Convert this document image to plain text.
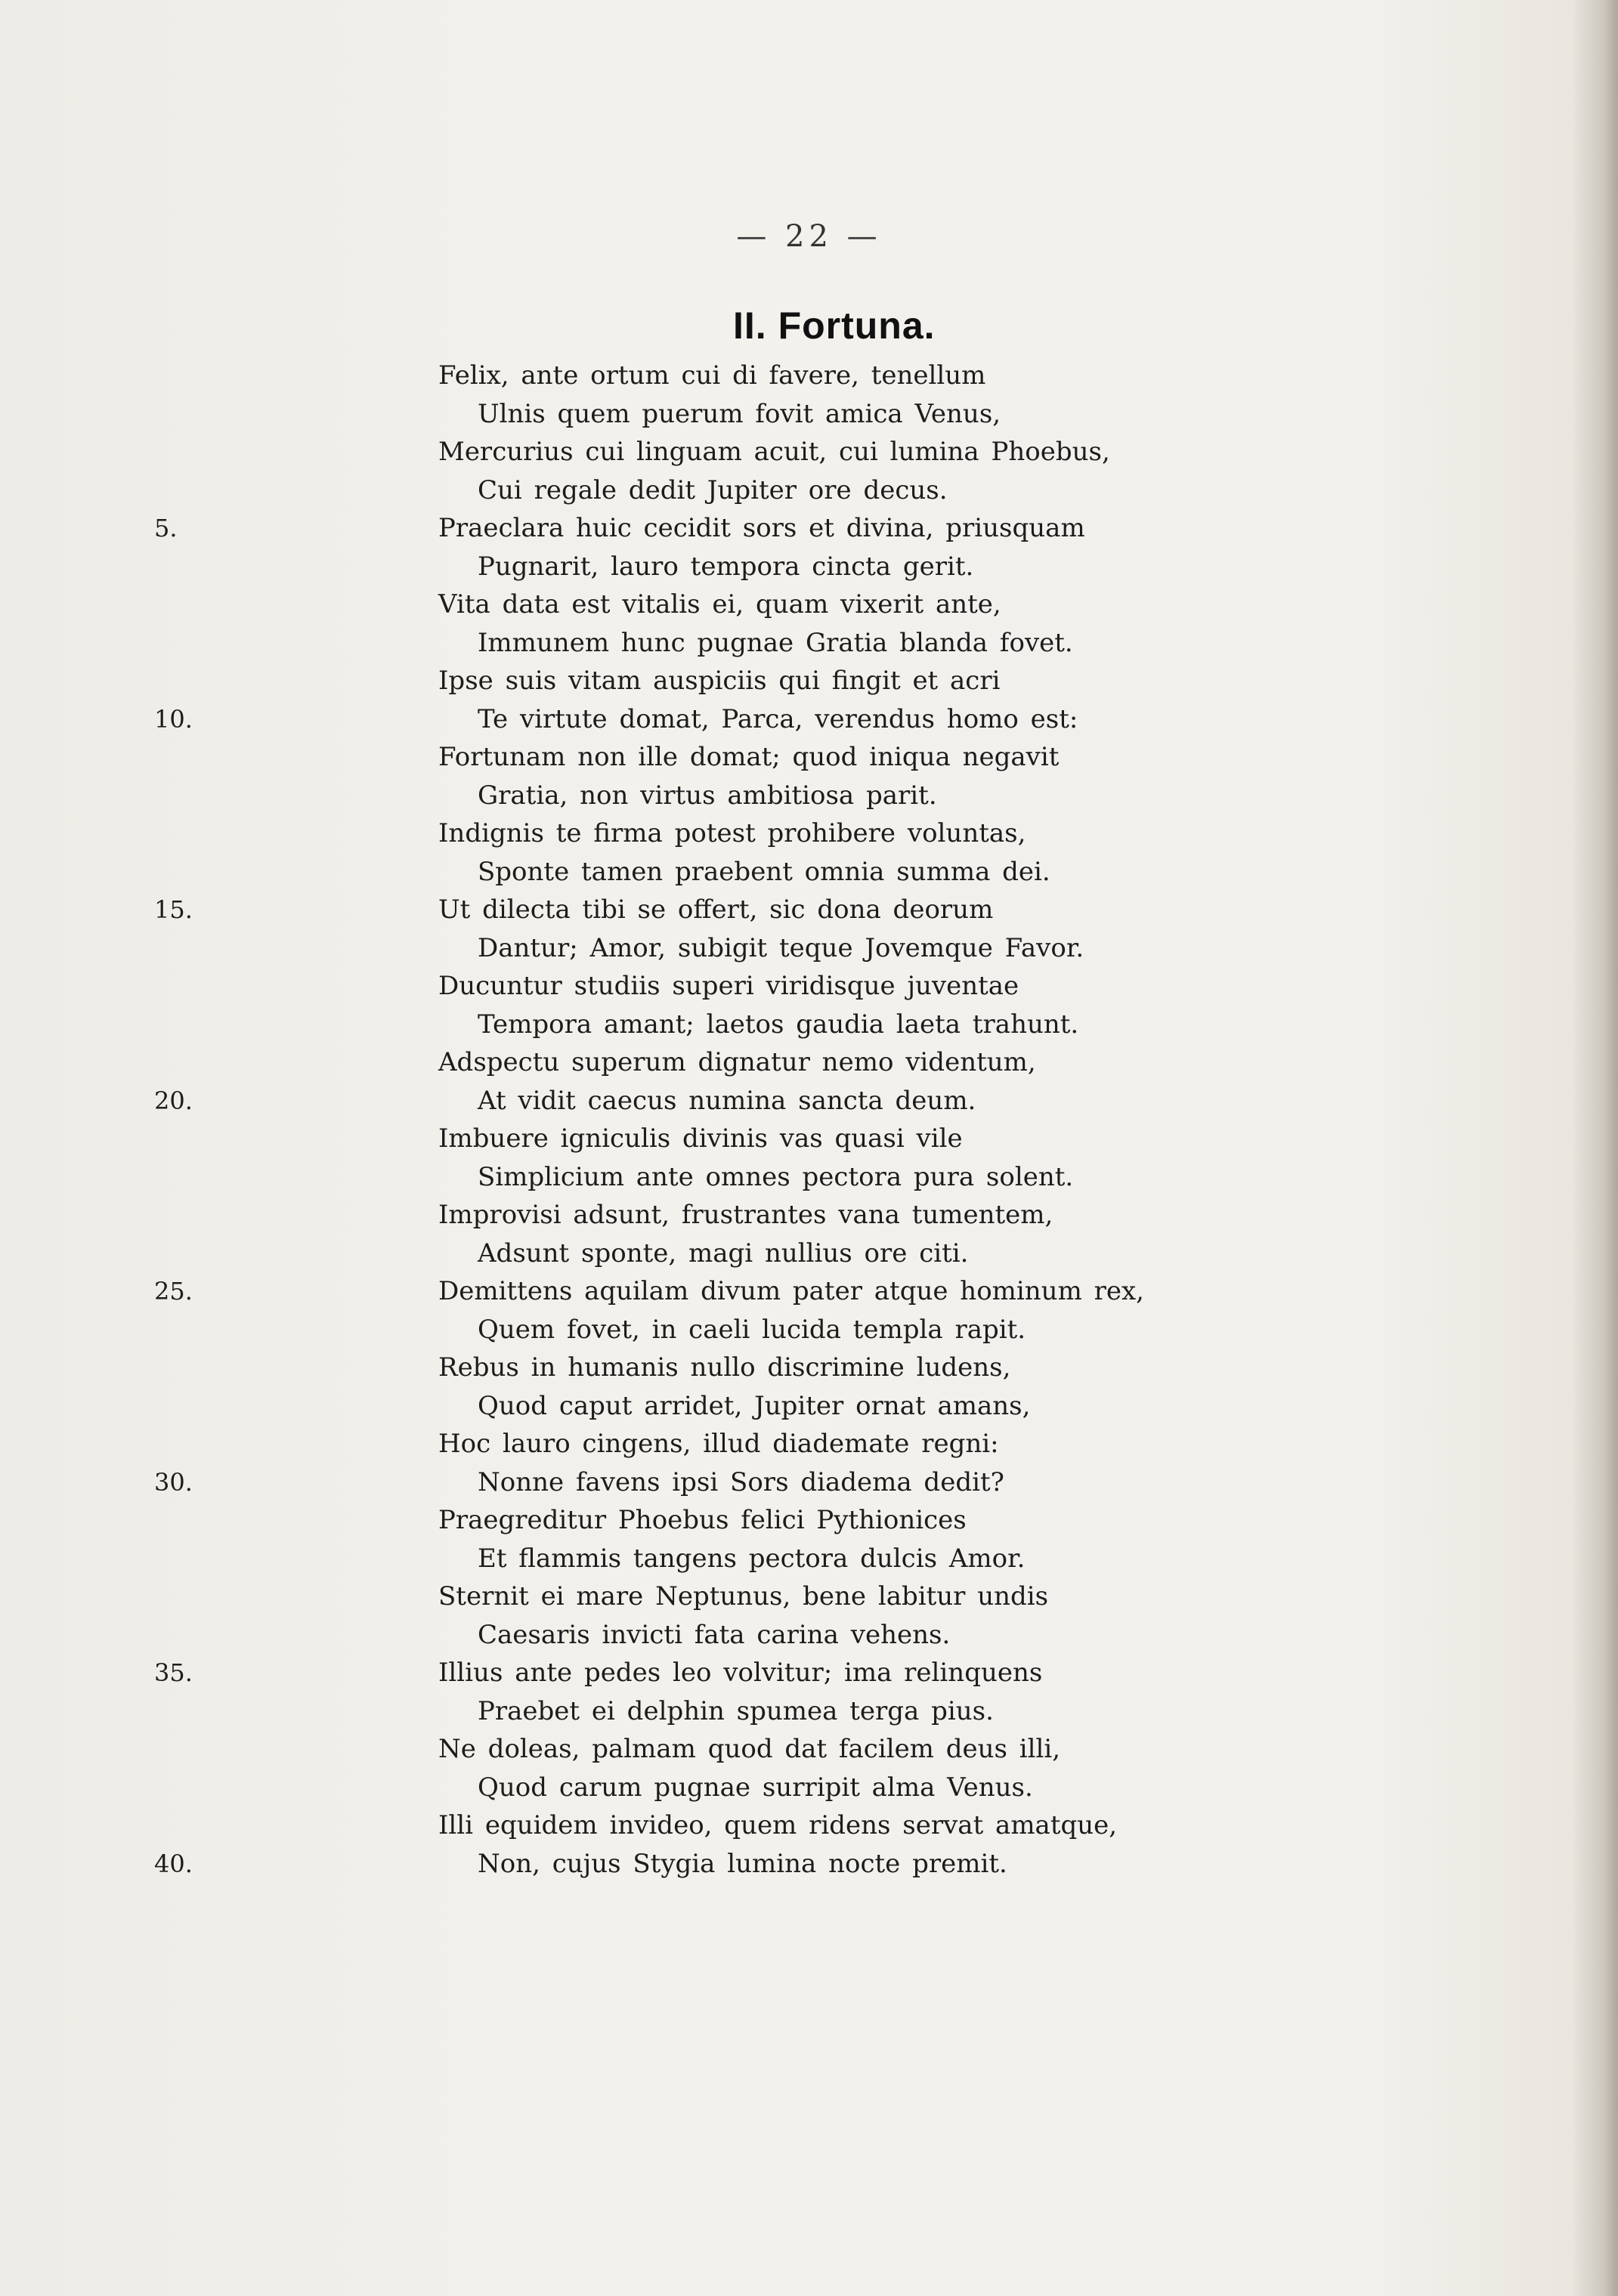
— 22 —
II. Fortuna.
5.
10.
15.
20.
25.
30.
35.
40.
Felix, ante ortum cui di favere, tenellum
Ulnis quem puerum fovit amica Venus,
Mercurius cui linguam acuit, cui lumina Phoebus,
Cui regale dedit Jupiter ore decus.
Praeclara huic cecidit sors et divina, priusquam
Pugnarit, lauro tempora cincta gerit.
Vita data est vitalis ei, quam vixerit ante,
Immunem hunc pugnae Gratia blanda fovet.
Ipse suis vitam auspiciis qui fingit et acri
Te virtute domat, Parca, verendus homo est:
Fortunam non ille domat; quod iniqua negavit
Gratia, non virtus ambitiosa parit.
Indignis te firma potest prohibere voluntas,
Sponte tamen praebent omnia summa dei.
Ut dilecta tibi se offert, sic dona deorum
Dantur; Amor, subigit teque Jovemque Favor.
Ducuntur studiis superi viridisque juventae
Tempora amant; laetos gaudia laeta trahunt.
Adspectu superum dignatur nemo videntum,
At vidit caecus numina sancta deum.
Imbuere igniculis divinis vas quasi vile
Simplicium ante omnes pectora pura solent.
Improvisi adsunt, frustrantes vana tumentem,
Adsunt sponte, magi nullius ore citi.
Demittens aquilam divum pater atque hominum rex,
Quem fovet, in caeli lucida templa rapit.
Rebus in humanis nullo discrimine ludens,
Quod caput arridet, Jupiter ornat amans,
Hoc lauro cingens, illud diademate regni:
Nonne favens ipsi Sors diadema dedit?
Praegreditur Phoebus felici Pythionices
Et flammis tangens pectora dulcis Amor.
Sternit ei mare Neptunus, bene labitur undis
Caesaris invicti fata carina vehens.
Illius ante pedes leo volvitur; ima relinquens
Praebet ei delphin spumea terga pius.
Ne doleas, palmam quod dat facilem deus illi,
Quod carum pugnae surripit alma Venus.
Illi equidem invideo, quem ridens servat amatque,
Non, cujus Stygia lumina nocte premit.
